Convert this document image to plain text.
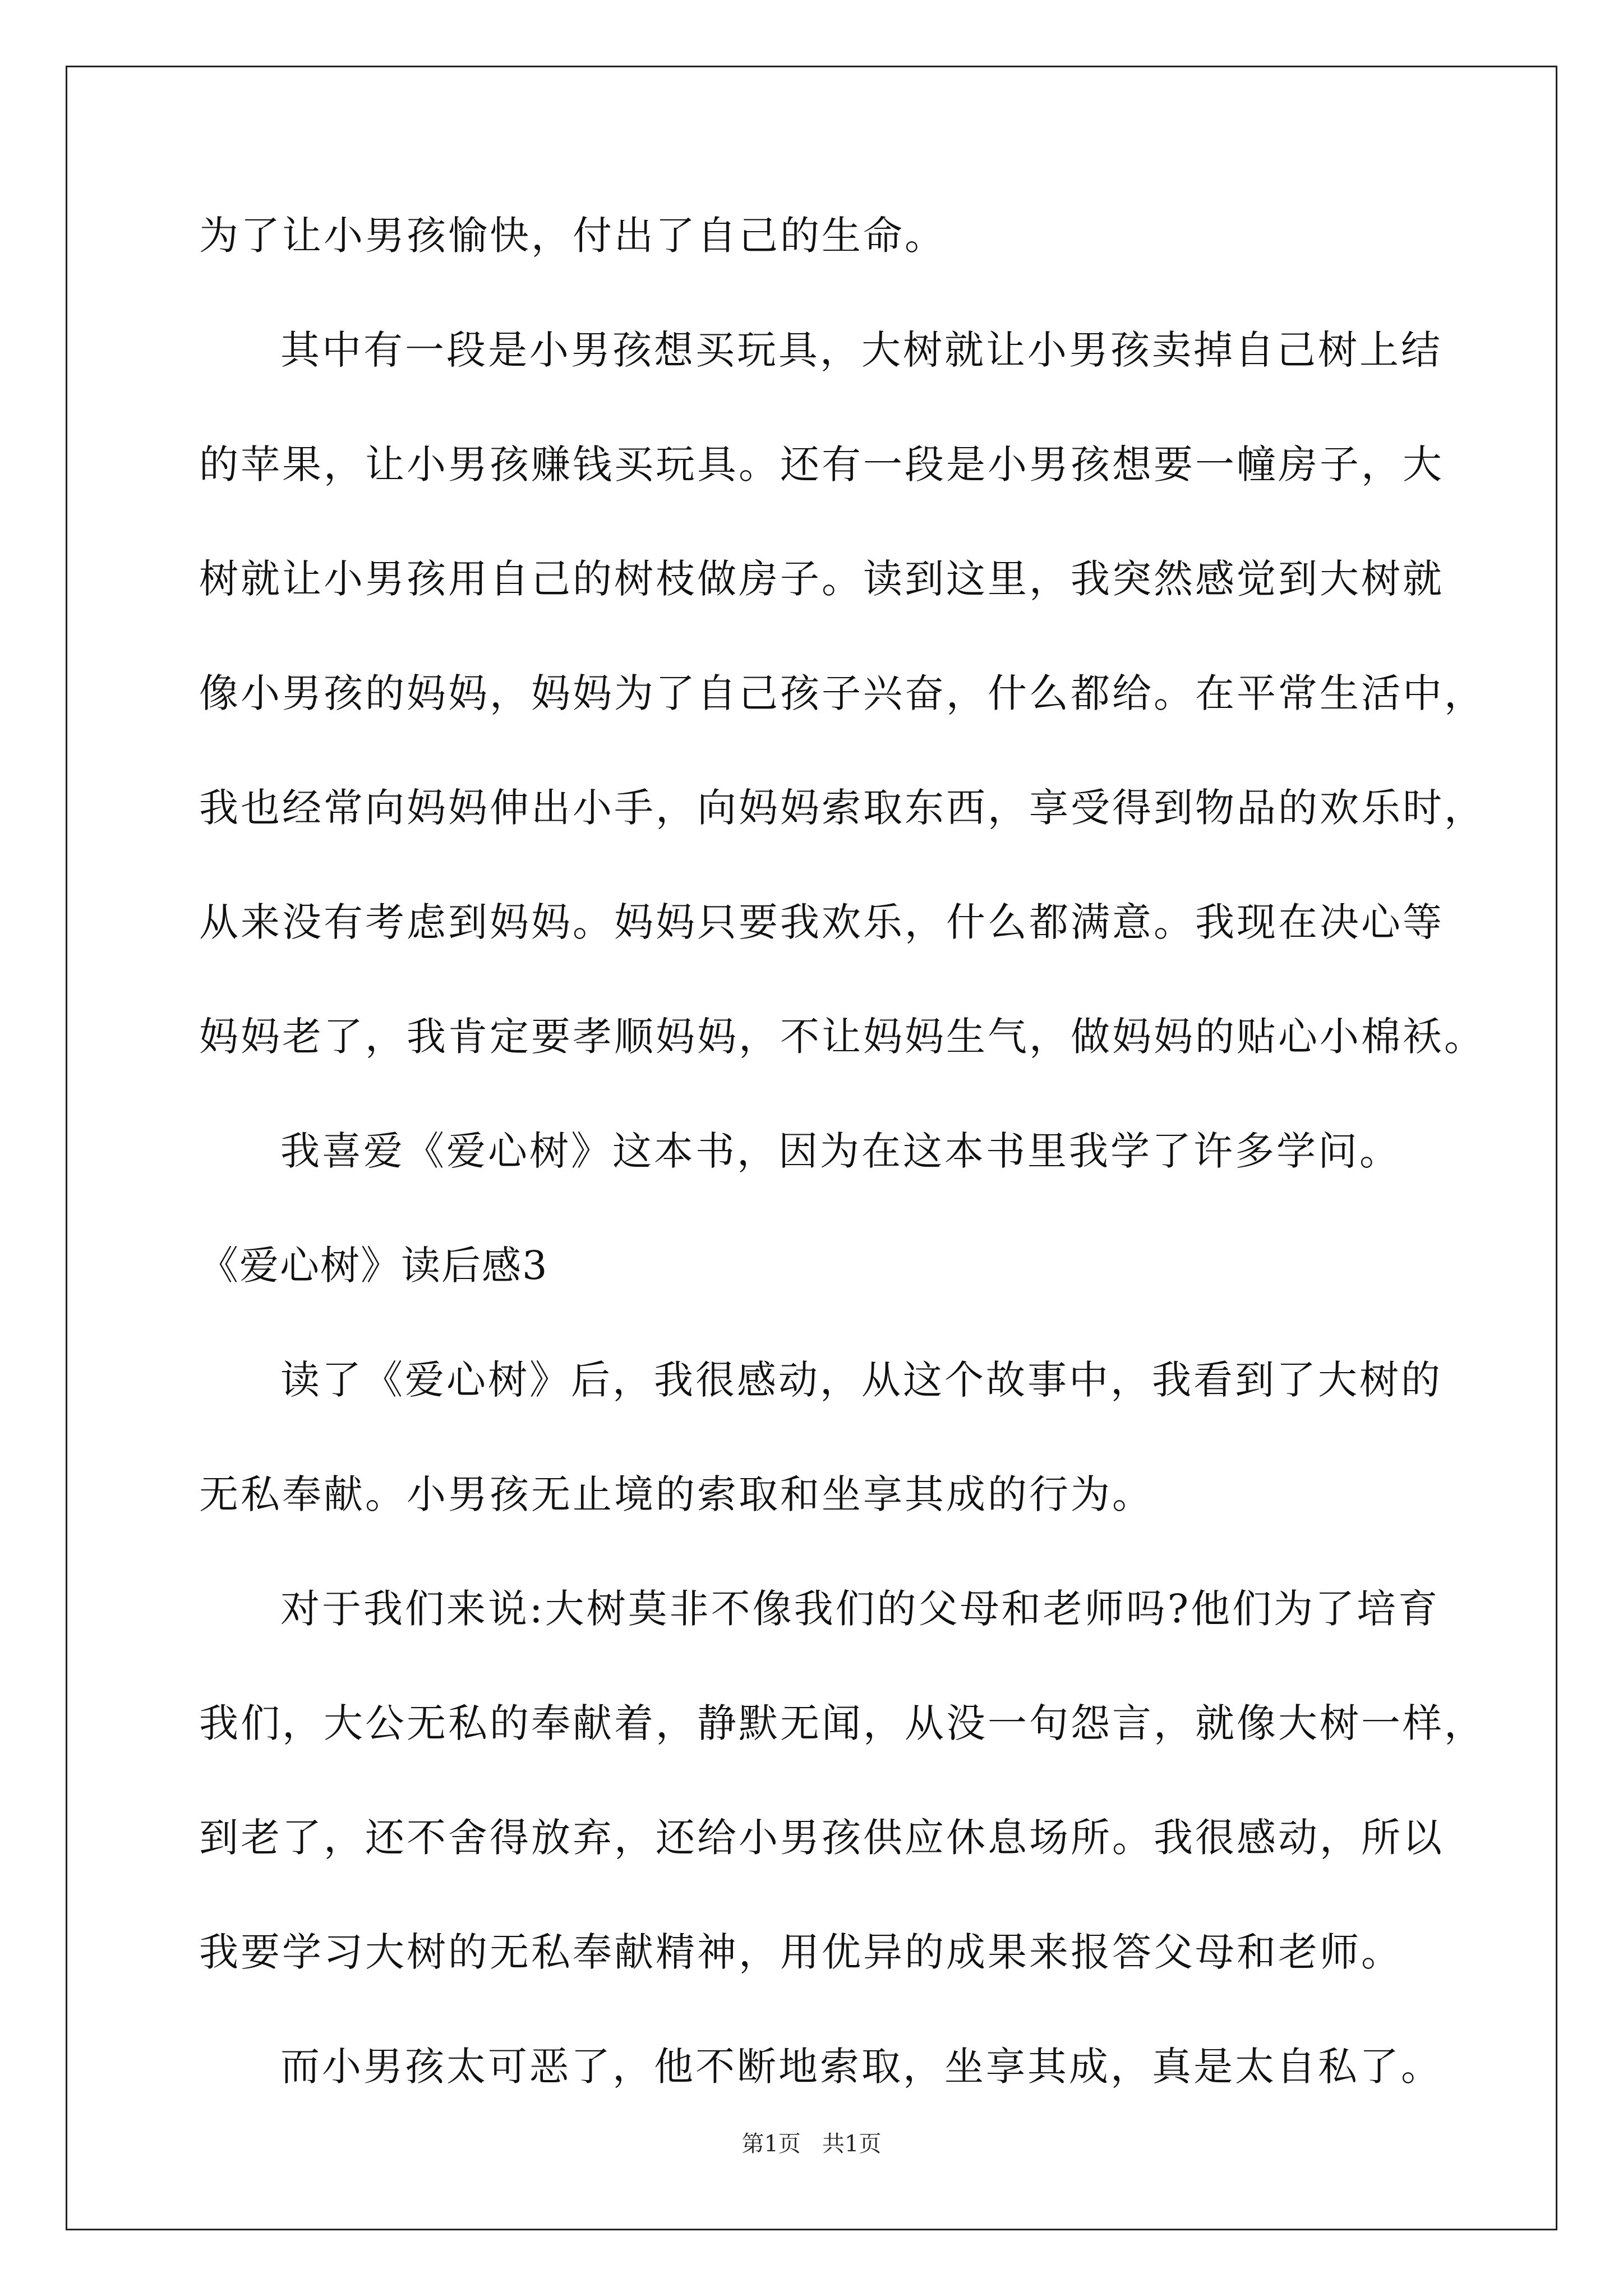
为了让小男孩愉快，付出了自己的生命。
其中有一段是小男孩想买玩具，大树就让小男孩卖掉自己树上结
的苹果，让小男孩赚钱买玩具。还有一段是小男孩想要一幢房子，大
树就让小男孩用自己的树枝做房子。读到这里，我突然感觉到大树就
像小男孩的妈妈，妈妈为了自己孩子兴奋，什么都给。在平常生活中，
我也经常向妈妈伸出小手，向妈妈索取东西，享受得到物品的欢乐时，
从来没有考虑到妈妈。妈妈只要我欢乐，什么都满意。我现在决心等
妈妈老了，我肯定要孝顺妈妈，不让妈妈生气，做妈妈的贴心小棉袄。
我喜爱《爱心树》这本书，因为在这本书里我学了许多学问。
《爱心树》读后感3
读了《爱心树》后，我很感动，从这个故事中，我看到了大树的
无私奉献。小男孩无止境的索取和坐享其成的行为。
对于我们来说:大树莫非不像我们的父母和老师吗?他们为了培育
我们，大公无私的奉献着，静默无闻，从没一句怨言，就像大树一样，
到老了，还不舍得放弃，还给小男孩供应休息场所。我很感动，所以
我要学习大树的无私奉献精神，用优异的成果来报答父母和老师。
而小男孩太可恶了，他不断地索取，坐享其成，真是太自私了。
第1页   共1页
